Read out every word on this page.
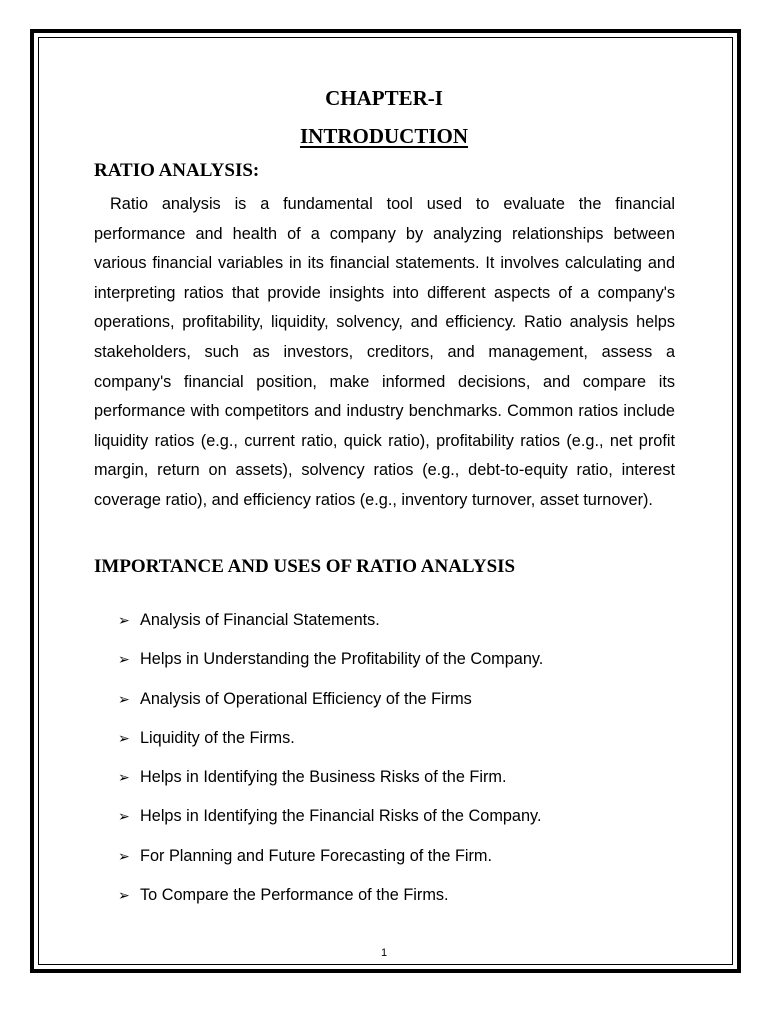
CHAPTER-I
INTRODUCTION
RATIO ANALYSIS:

Ratio analysis is a fundamental tool used to evaluate the financial performance and health of a company by analyzing relationships between various financial variables in its financial statements. It involves calculating and interpreting ratios that provide insights into different aspects of a company's operations, profitability, liquidity, solvency, and efficiency. Ratio analysis helps stakeholders, such as investors, creditors, and management, assess a company's financial position, make informed decisions, and compare its performance with competitors and industry benchmarks. Common ratios include liquidity ratios (e.g., current ratio, quick ratio), profitability ratios (e.g., net profit margin, return on assets), solvency ratios (e.g., debt-to-equity ratio, interest coverage ratio), and efficiency ratios (e.g., inventory turnover, asset turnover).

IMPORTANCE AND USES OF RATIO ANALYSIS
➢ Analysis of Financial Statements.
➢ Helps in Understanding the Profitability of the Company.
➢ Analysis of Operational Efficiency of the Firms
➢ Liquidity of the Firms.
➢ Helps in Identifying the Business Risks of the Firm.
➢ Helps in Identifying the Financial Risks of the Company.
➢ For Planning and Future Forecasting of the Firm.
➢ To Compare the Performance of the Firms.
1
